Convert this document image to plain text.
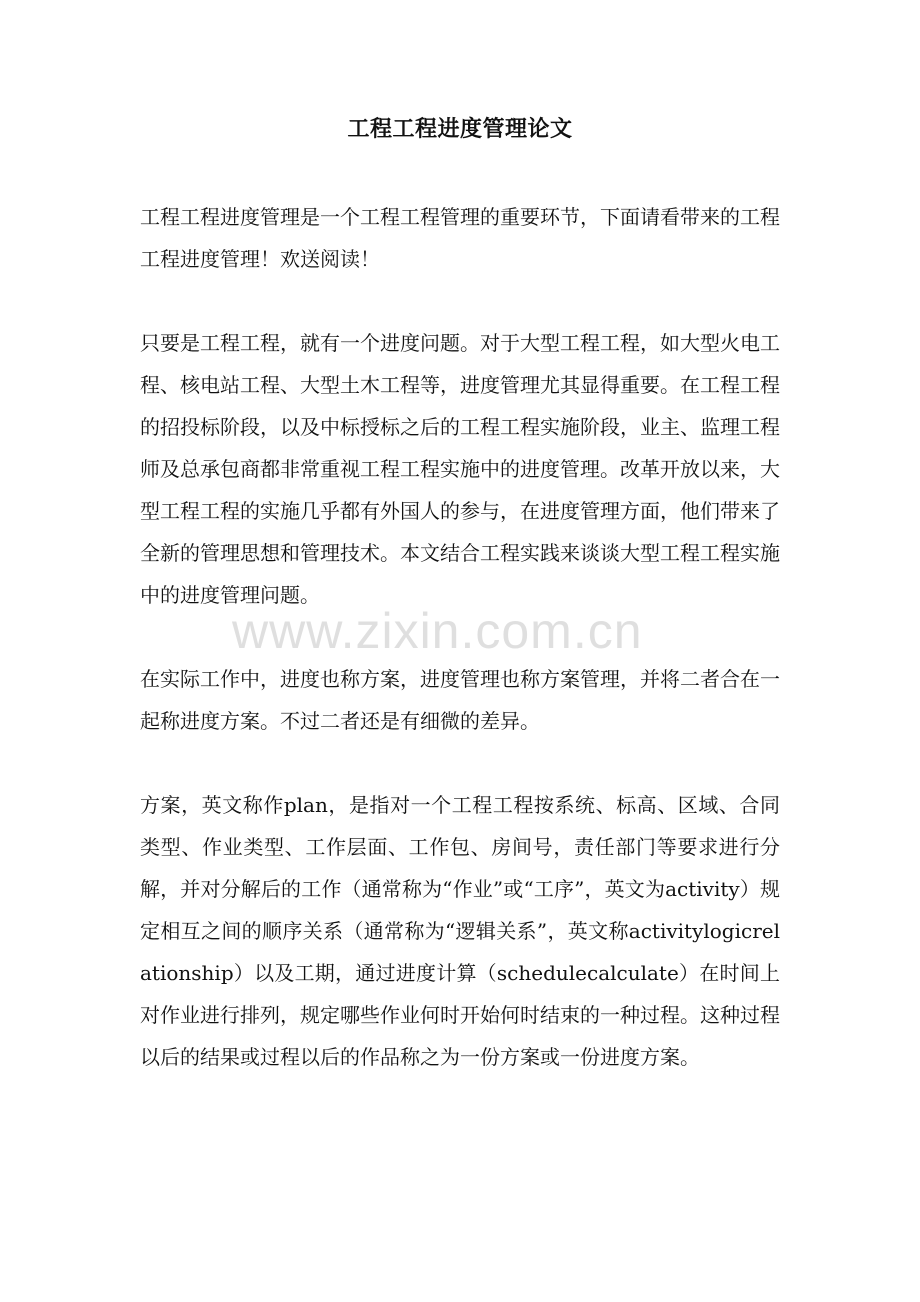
工程工程进度管理论文

工程工程进度管理是一个工程工程管理的重要环节，下面请看带来的工程工程进度管理！欢送阅读！

只要是工程工程，就有一个进度问题。对于大型工程工程，如大型火电工程、核电站工程、大型土木工程等，进度管理尤其显得重要。在工程工程的招投标阶段，以及中标授标之后的工程工程实施阶段，业主、监理工程师及总承包商都非常重视工程工程实施中的进度管理。改革开放以来，大型工程工程的实施几乎都有外国人的参与，在进度管理方面，他们带来了全新的管理思想和管理技术。本文结合工程实践来谈谈大型工程工程实施中的进度管理问题。

在实际工作中，进度也称方案，进度管理也称方案管理，并将二者合在一起称进度方案。不过二者还是有细微的差异。

方案，英文称作plan，是指对一个工程工程按系统、标高、区域、合同类型、作业类型、工作层面、工作包、房间号，责任部门等要求进行分解，并对分解后的工作（通常称为“作业”或“工序”，英文为activity）规定相互之间的顺序关系（通常称为“逻辑关系”，英文称activitylogicrelationship）以及工期，通过进度计算（schedulecalculate）在时间上对作业进行排列，规定哪些作业何时开始何时结束的一种过程。这种过程以后的结果或过程以后的作品称之为一份方案或一份进度方案。

www.zixin.com.cn
